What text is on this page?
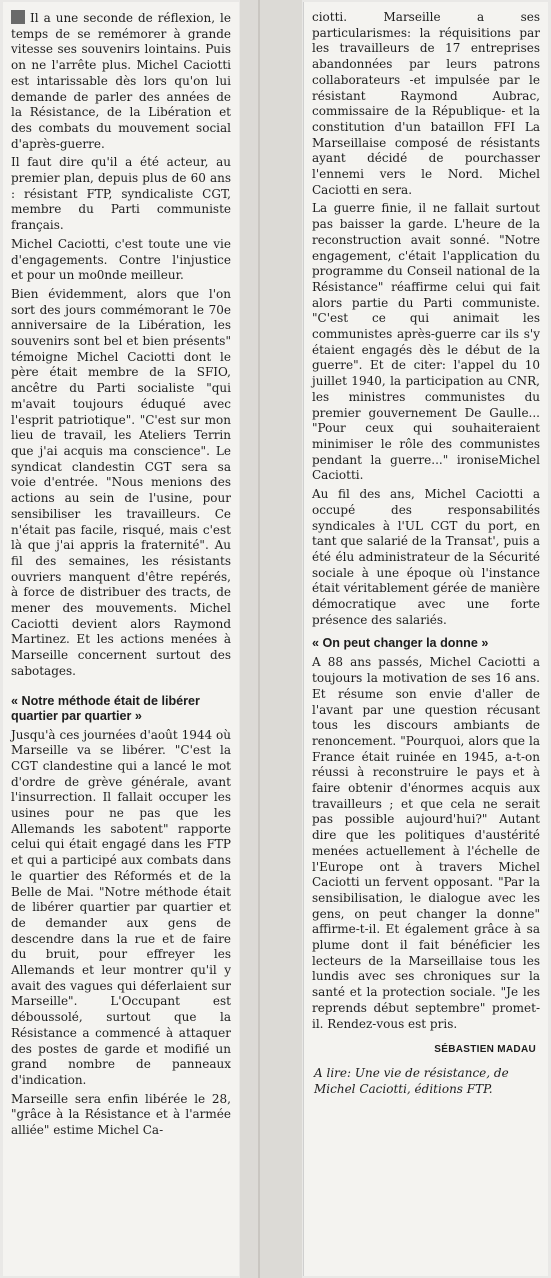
Il a une seconde de réflexion, le temps de se remémorer à grande vitesse ses souvenirs lointains. Puis on ne l'arrête plus. Michel Caciotti est intarissable dès lors qu'on lui demande de parler des années de la Résistance, de la Libération et des combats du mouvement social d'après-guerre.

Il faut dire qu'il a été acteur, au premier plan, depuis plus de 60 ans : résistant FTP, syndicaliste CGT, membre du Parti communiste français.

Michel Caciotti, c'est toute une vie d'engagements. Contre l'injustice et pour un mo0nde meilleur.

Bien évidemment, alors que l'on sort des jours commémorant le 70e anniversaire de la Libération, les souvenirs sont bel et bien présents" témoigne Michel Caciotti dont le père était membre de la SFIO, ancêtre du Parti socialiste "qui m'avait toujours éduqué avec l'esprit patriotique". "C'est sur mon lieu de travail, les Ateliers Terrin que j'ai acquis ma conscience". Le syndicat clandestin CGT sera sa voie d'entrée. "Nous menions des actions au sein de l'usine, pour sensibiliser les travailleurs. Ce n'était pas facile, risqué, mais c'est là que j'ai appris la fraternité". Au fil des semaines, les résistants ouvriers manquent d'être repérés, à force de distribuer des tracts, de mener des mouvements. Michel Caciotti devient alors Raymond Martinez. Et les actions menées à Marseille concernent surtout des sabotages.

« Notre méthode était de libérer quartier par quartier »

Jusqu'à ces journées d'août 1944 où Marseille va se libérer. "C'est la CGT clandestine qui a lancé le mot d'ordre de grève générale, avant l'insurrection. Il fallait occuper les usines pour ne pas que les Allemands les sabotent" rapporte celui qui était engagé dans les FTP et qui a participé aux combats dans le quartier des Réformés et de la Belle de Mai. "Notre méthode était de libérer quartier par quartier et de demander aux gens de descendre dans la rue et de faire du bruit, pour effreyer les Allemands et leur montrer qu'il y avait des vagues qui déferlaient sur Marseille". L'Occupant est déboussolé, surtout que la Résistance a commencé à attaquer des postes de garde et modifié un grand nombre de panneaux d'indication.

Marseille sera enfin libérée le 28, "grâce à la Résistance et à l'armée alliée" estime Michel Ca-

ciotti. Marseille a ses particularismes: la réquisitions par les travailleurs de 17 entreprises abandonnées par leurs patrons collaborateurs -et impulsée par le résistant Raymond Aubrac, commissaire de la République- et la constitution d'un bataillon FFI La Marseillaise composé de résistants ayant décidé de pourchasser l'ennemi vers le Nord. Michel Caciotti en sera.

La guerre finie, il ne fallait surtout pas baisser la garde. L'heure de la reconstruction avait sonné. "Notre engagement, c'était l'application du programme du Conseil national de la Résistance" réaffirme celui qui fait alors partie du Parti communiste. "C'est ce qui animait les communistes après-guerre car ils s'y étaient engagés dès le début de la guerre". Et de citer: l'appel du 10 juillet 1940, la participation au CNR, les ministres communistes du premier gouvernement De Gaulle... "Pour ceux qui souhaiteraient minimiser le rôle des communistes pendant la guerre..." ironiseMichel Caciotti.

Au fil des ans, Michel Caciotti a occupé des responsabilités syndicales à l'UL CGT du port, en tant que salarié de la Transat', puis a été élu administrateur de la Sécurité sociale à une époque où l'instance était véritablement gérée de manière démocratique avec une forte présence des salariés.

« On peut changer la donne »

A 88 ans passés, Michel Caciotti a toujours la motivation de ses 16 ans. Et résume son envie d'aller de l'avant par une question récusant tous les discours ambiants de renoncement. "Pourquoi, alors que la France était ruinée en 1945, a-t-on réussi à reconstruire le pays et à faire obtenir d'énormes acquis aux travailleurs ; et que cela ne serait pas possible aujourd'hui?" Autant dire que les politiques d'austérité menées actuellement à l'échelle de l'Europe ont à travers Michel Caciotti un fervent opposant. "Par la sensibilisation, le dialogue avec les gens, on peut changer la donne" affirme-t-il. Et également grâce à sa plume dont il fait bénéficier les lecteurs de la Marseillaise tous les lundis avec ses chroniques sur la santé et la protection sociale. "Je les reprends début septembre" promet-il. Rendez-vous est pris.

SÉBASTIEN MADAU
A lire: Une vie de résistance, de Michel Caciotti, éditions FTP.
